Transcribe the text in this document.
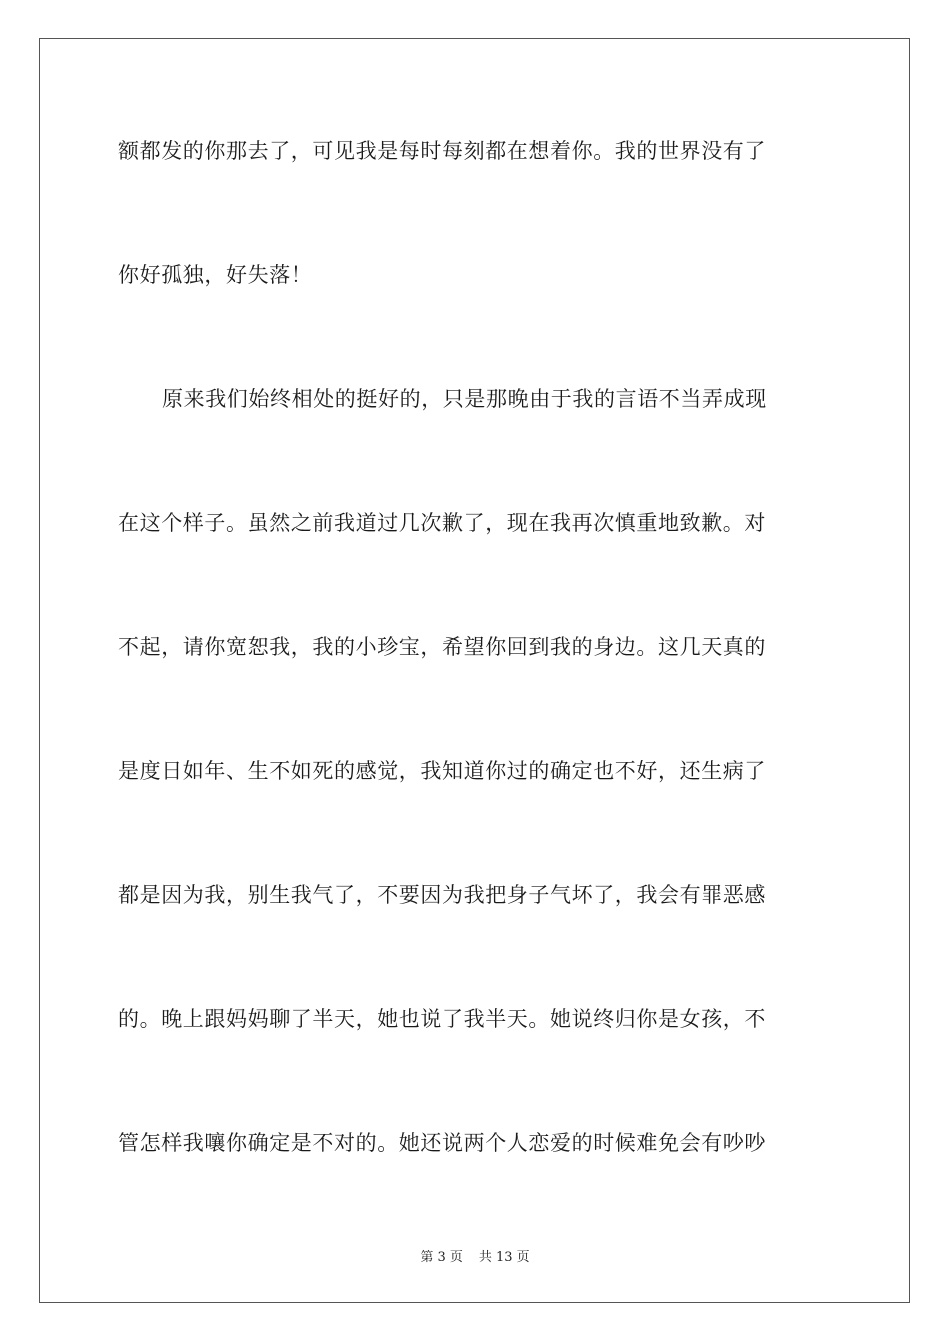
额都发的你那去了，可见我是每时每刻都在想着你。我的世界没有了
你好孤独，好失落！
原来我们始终相处的挺好的，只是那晚由于我的言语不当弄成现
在这个样子。虽然之前我道过几次歉了，现在我再次慎重地致歉。对
不起，请你宽恕我，我的小珍宝，希望你回到我的身边。这几天真的
是度日如年、生不如死的感觉，我知道你过的确定也不好，还生病了
都是因为我，别生我气了，不要因为我把身子气坏了，我会有罪恶感
的。晚上跟妈妈聊了半天，她也说了我半天。她说终归你是女孩，不
管怎样我嚷你确定是不对的。她还说两个人恋爱的时候难免会有吵吵
第 3 页 共 13 页
